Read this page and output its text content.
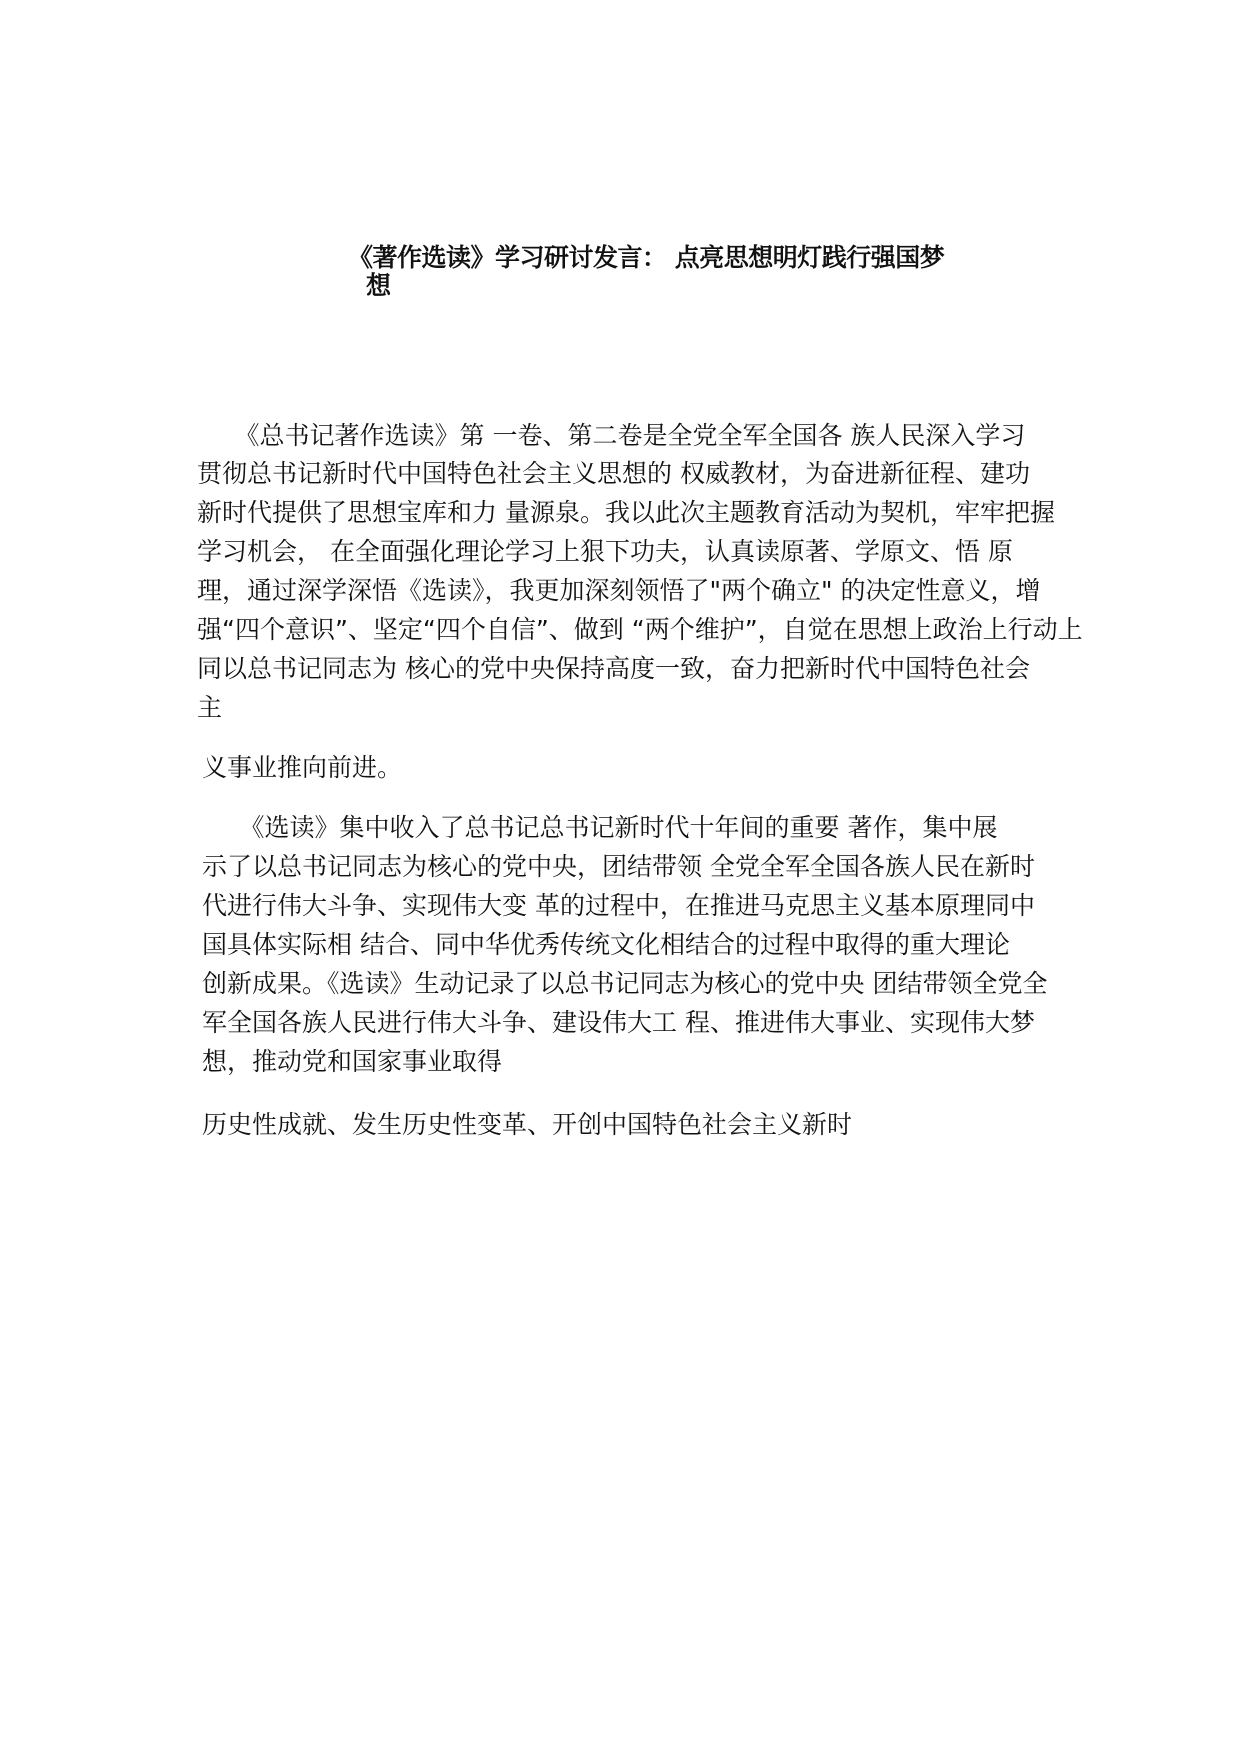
《著作选读》学习研讨发言： 点亮思想明灯践行强国梦
想

　　《总书记著作选读》第 一卷、第二卷是全党全军全国各 族人民深入学习

贯彻总书记新时代中国特色社会主义思想的 权威教材，为奋进新征程、建功

新时代提供了思想宝库和力 量源泉。我以此次主题教育活动为契机，牢牢把握

学习机会， 在全面强化理论学习上狠下功夫，认真读原著、学原文、悟 原

理，通过深学深悟《选读》，我更加深刻领悟了"两个确立" 的决定性意义，增

强“四个意识”、坚定“四个自信”、做到 “两个维护”，自觉在思想上政治上行动上

同以总书记同志为 核心的党中央保持高度一致，奋力把新时代中国特色社会

主

义事业推向前进。

　　《选读》集中收入了总书记总书记新时代十年间的重要 著作，集中展

示了以总书记同志为核心的党中央，团结带领 全党全军全国各族人民在新时

代进行伟大斗争、实现伟大变 革的过程中，在推进马克思主义基本原理同中

国具体实际相 结合、同中华优秀传统文化相结合的过程中取得的重大理论

创新成果。《选读》生动记录了以总书记同志为核心的党中央 团结带领全党全

军全国各族人民进行伟大斗争、建设伟大工 程、推进伟大事业、实现伟大梦

想，推动党和国家事业取得

历史性成就、发生历史性变革、开创中国特色社会主义新时
